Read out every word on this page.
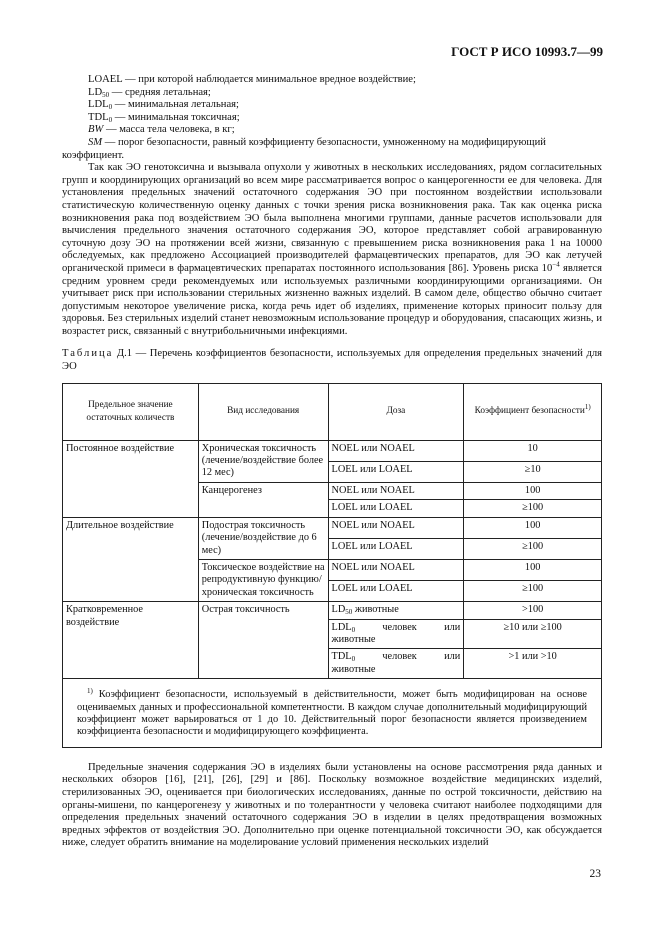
ГОСТ Р ИСО 10993.7—99
LOAEL — при которой наблюдается минимальное вредное воздействие;
$LD_{50}$ — средняя летальная;
$LDL_0$ — минимальная летальная;
$TDL_0$ — минимальная токсичная;
BW — масса тела человека, в кг;
SM — порог безопасности, равный коэффициенту безопасности, умноженному на модифицирующий коэффициент.

Так как ЭО генотоксична и вызывала опухоли у животных в нескольких исследованиях, рядом согласительных групп и координирующих организаций во всем мире рассматривается вопрос о канцерогенности ее для человека. Для установления предельных значений остаточного содержания ЭО при постоянном воздействии использовали статистическую количественную оценку данных с точки зрения риска возникновения рака. Так как оценка риска возникновения рака под воздействием ЭО была выполнена многими группами, данные расчетов использовали для вычисления предельного значения остаточного содержания ЭО, которое представляет собой агравированную суточную дозу ЭО на протяжении всей жизни, связанную с превышением риска возникновения рака 1 на 10000 обследуемых, как предложено Ассоциацией производителей фармацевтических препаратов, для ЭО как летучей органической примеси в фармацевтических препаратах постоянного использования [86]. Уровень риска $10^{-4}$ является средним уровнем среди рекомендуемых или используемых различными координирующими организациями. Он учитывает риск при использовании стерильных жизненно важных изделий. В самом деле, общество обычно считает допустимым некоторое увеличение риска, когда речь идет об изделиях, применение которых приносит пользу для здоровья. Без стерильных изделий станет невозможным использование процедур и оборудования, спасающих жизнь, и возрастет риск, связанный с внутрибольничными инфекциями.

Таблица Д.1 — Перечень коэффициентов безопасности, используемых для определения предельных значений для ЭО
Предельное значение остаточных количеств	Вид исследования	Доза	Коэффициент безопасности$^{1)}$
Постоянное воздействие	Хроническая токсичность (лечение/воздействие более 12 мес)	NOEL или NOAEL	10
		LOEL или LOAEL	≥10
	Канцерогенез	NOEL или NOAEL	100
		LOEL или LOAEL	≥100
Длительное воздействие	Подострая токсичность (лечение/воздействие до 6 мес)	NOEL или NOAEL	100
		LOEL или LOAEL	≥100
	Токсическое воздействие на репродуктивную функцию/хроническая токсичность	NOEL или NOAEL	100
		LOEL или LOAEL	≥100
Кратковременное воздействие	Острая токсичность	$LD_{50}$ животные	>100

		$LDL_0$ человек или
животные	≥10 или ≥100

		$TDL_0$ человек или
животные	>1 или >10
$^{1)}$ Коэффициент безопасности, используемый в действительности, может быть модифицирован на основе оцениваемых данных и профессиональной компетентности. В каждом случае дополнительный модифицирующий коэффициент может варьироваться от 1 до 10. Действительный порог безопасности является произведением коэффициента безопасности и модифицирующего коэффициента.			

Предельные значения содержания ЭО в изделиях были установлены на основе рассмотрения ряда данных и нескольких обзоров [16], [21], [26], [29] и [86]. Поскольку возможное воздействие медицинских изделий, стерилизованных ЭО, оценивается при биологических исследованиях, данные по острой токсичности, действию на органы-мишени, по канцерогенезу у животных и по толерантности у человека считают наиболее подходящими для определения предельных значений остаточного содержания ЭО в изделии в целях предотвращения возможных вредных эффектов от воздействия ЭО. Дополнительно при оценке потенциальной токсичности ЭО, как обсуждается ниже, следует обратить внимание на моделирование условий применения нескольких изделий

23
